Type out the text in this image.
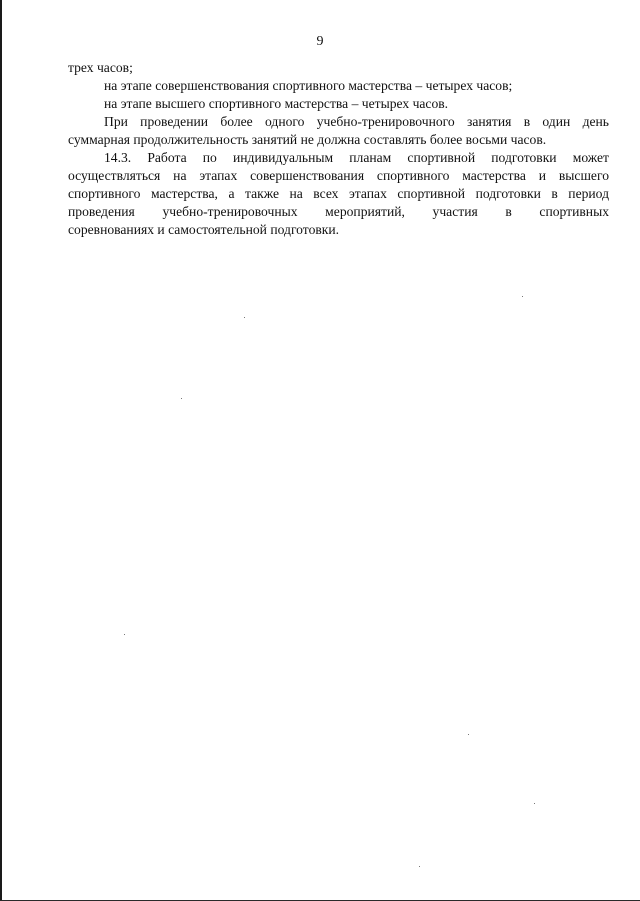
9
трех часов;
на этапе совершенствования спортивного мастерства – четырех часов;
на этапе высшего спортивного мастерства – четырех часов.
При проведении более одного учебно-тренировочного занятия в один день
суммарная продолжительность занятий не должна составлять более восьми часов.
14.3. Работа по индивидуальным планам спортивной подготовки может
осуществляться на этапах совершенствования спортивного мастерства и высшего
спортивного мастерства, а также на всех этапах спортивной подготовки в период
проведения учебно-тренировочных мероприятий, участия в спортивных
соревнованиях и самостоятельной подготовки.
